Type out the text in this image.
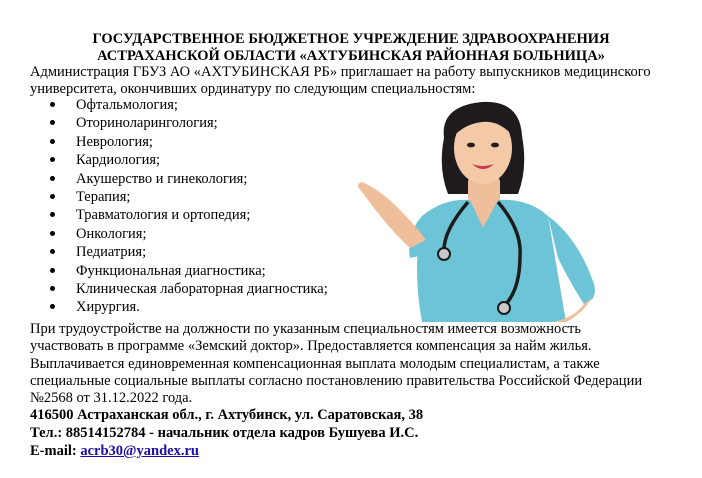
ГОСУДАРСТВЕННОЕ БЮДЖЕТНОЕ УЧРЕЖДЕНИЕ ЗДРАВООХРАНЕНИЯ
АСТРАХАНСКОЙ ОБЛАСТИ «АХТУБИНСКАЯ РАЙОННАЯ БОЛЬНИЦА»
Администрация ГБУЗ АО «АХТУБИНСКАЯ РБ» приглашает на работу выпускников медицинского
университета, окончивших ординатуру по следующим специальностям:
Офтальмология;
Оториноларингология;
Неврология;
Кардиология;
Акушерство и гинекология;
Терапия;
Травматология и ортопедия;
Онкология;
Педиатрия;
Функциональная диагностика;
Клиническая лабораторная диагностика;
Хирургия.
При трудоустройстве на должности по указанным специальностям имеется возможность
участвовать в программе «Земский доктор». Предоставляется компенсация за найм жилья.
Выплачивается единовременная компенсационная выплата молодым специалистам, а также
специальные социальные выплаты согласно постановлению правительства Российской Федерации
№2568 от 31.12.2022 года.
416500 Астраханская обл., г. Ахтубинск, ул. Саратовская, 38
Тел.: 88514152784 - начальник отдела кадров Бушуева И.С.
E-mail: acrb30@yandex.ru
